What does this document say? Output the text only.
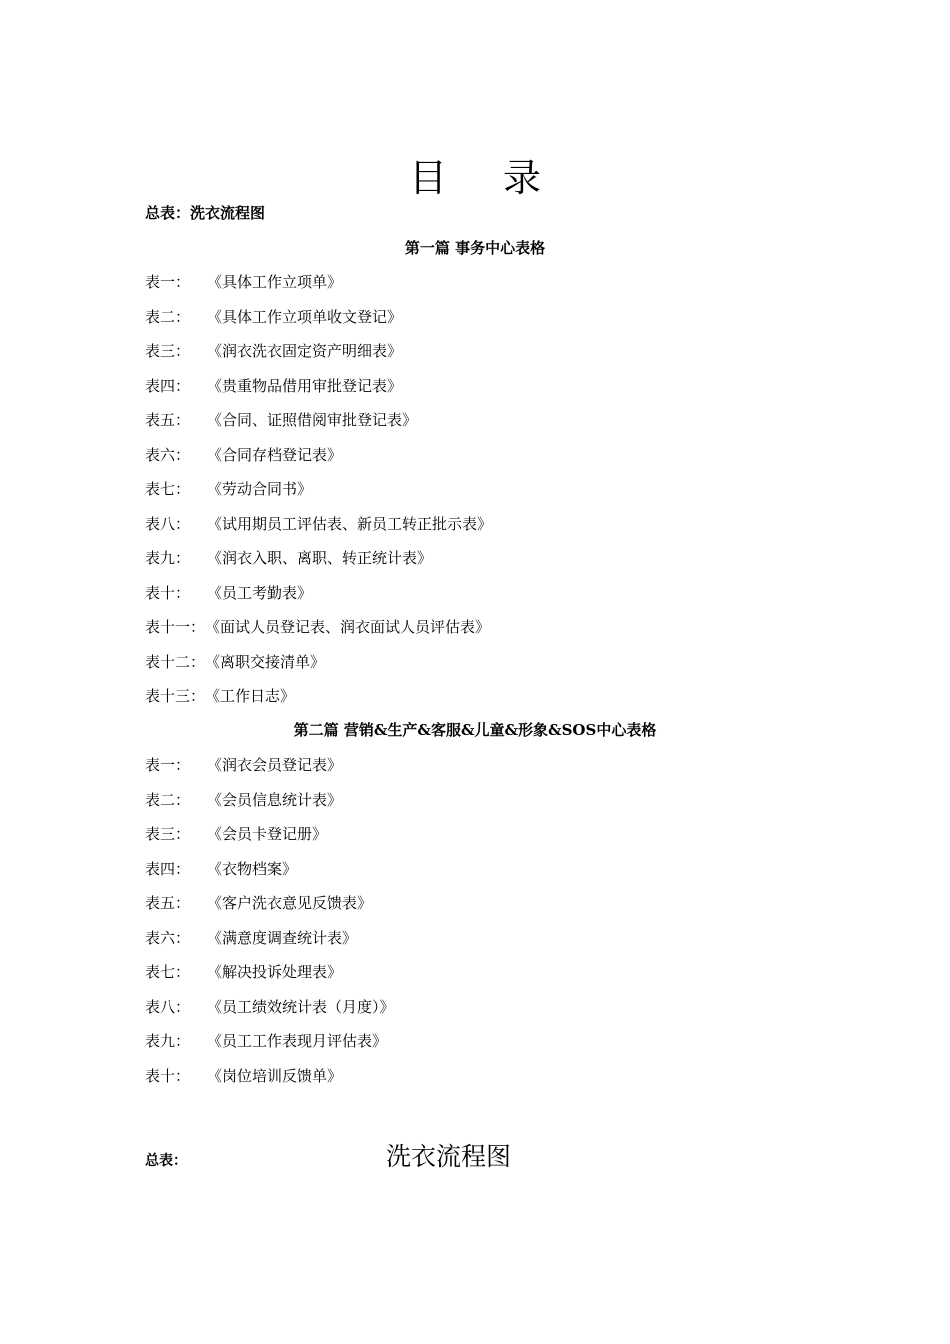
目 录
总表：洗衣流程图
第一篇 事务中心表格
表一： 《具体工作立项单》
表二： 《具体工作立项单收文登记》
表三： 《润衣洗衣固定资产明细表》
表四： 《贵重物品借用审批登记表》
表五： 《合同、证照借阅审批登记表》
表六： 《合同存档登记表》
表七： 《劳动合同书》
表八： 《试用期员工评估表、新员工转正批示表》
表九： 《润衣入职、离职、转正统计表》
表十： 《员工考勤表》
表十一：《面试人员登记表、润衣面试人员评估表》
表十二：《离职交接清单》
表十三：《工作日志》
第二篇 营销&生产&客服&儿童&形象&SOS中心表格
表一： 《润衣会员登记表》
表二： 《会员信息统计表》
表三： 《会员卡登记册》
表四： 《衣物档案》
表五： 《客户洗衣意见反馈表》
表六： 《满意度调查统计表》
表七： 《解决投诉处理表》
表八： 《员工绩效统计表（月度）》
表九： 《员工工作表现月评估表》
表十： 《岗位培训反馈单》
总表：	洗衣流程图
